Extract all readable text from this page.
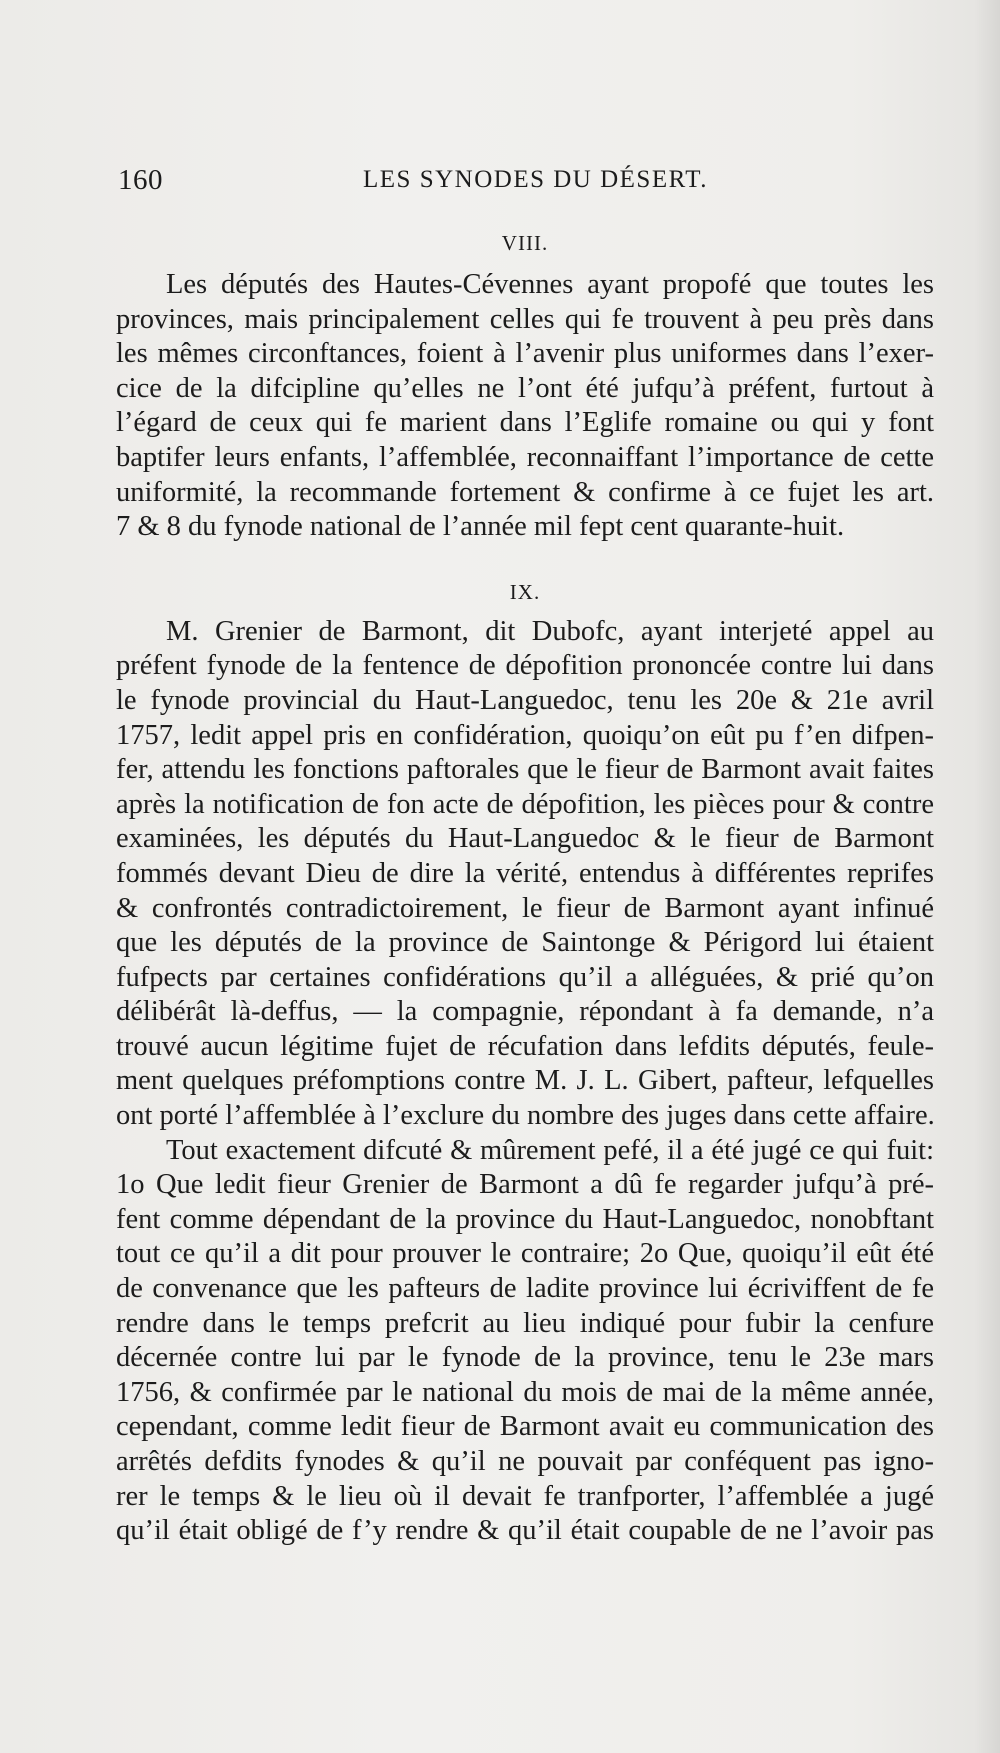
160	LES SYNODES DU DÉSERT.
VIII.
Les députés des Hautes-Cévennes ayant propofé que toutes les
provinces, mais principalement celles qui fe trouvent à peu près dans
les mêmes circonftances, foient à l’avenir plus uniformes dans l’exer-
cice de la difcipline qu’elles ne l’ont été jufqu’à préfent, furtout à
l’égard de ceux qui fe marient dans l’Eglife romaine ou qui y font
baptifer leurs enfants, l’affemblée, reconnaiffant l’importance de cette
uniformité, la recommande fortement & confirme à ce fujet les art.
7 & 8 du fynode national de l’année mil fept cent quarante-huit.
IX.
M. Grenier de Barmont, dit Dubofc, ayant interjeté appel au
préfent fynode de la fentence de dépofition prononcée contre lui dans
le fynode provincial du Haut-Languedoc, tenu les 20e & 21e avril
1757, ledit appel pris en confidération, quoiqu’on eût pu f’en difpen-
fer, attendu les fonctions paftorales que le fieur de Barmont avait faites
après la notification de fon acte de dépofition, les pièces pour & contre
examinées, les députés du Haut-Languedoc & le fieur de Barmont
fommés devant Dieu de dire la vérité, entendus à différentes reprifes
& confrontés contradictoirement, le fieur de Barmont ayant infinué
que les députés de la province de Saintonge & Périgord lui étaient
fufpects par certaines confidérations qu’il a alléguées, & prié qu’on
délibérât là-deffus, — la compagnie, répondant à fa demande, n’a
trouvé aucun légitime fujet de récufation dans lefdits députés, feule-
ment quelques préfomptions contre M. J. L. Gibert, pafteur, lefquelles
ont porté l’affemblée à l’exclure du nombre des juges dans cette affaire.
Tout exactement difcuté & mûrement pefé, il a été jugé ce qui fuit:
1o Que ledit fieur Grenier de Barmont a dû fe regarder jufqu’à pré-
fent comme dépendant de la province du Haut-Languedoc, nonobftant
tout ce qu’il a dit pour prouver le contraire; 2o Que, quoiqu’il eût été
de convenance que les pafteurs de ladite province lui écriviffent de fe
rendre dans le temps prefcrit au lieu indiqué pour fubir la cenfure
décernée contre lui par le fynode de la province, tenu le 23e mars
1756, & confirmée par le national du mois de mai de la même année,
cependant, comme ledit fieur de Barmont avait eu communication des
arrêtés defdits fynodes & qu’il ne pouvait par conféquent pas igno-
rer le temps & le lieu où il devait fe tranfporter, l’affemblée a jugé
qu’il était obligé de f’y rendre & qu’il était coupable de ne l’avoir pas
